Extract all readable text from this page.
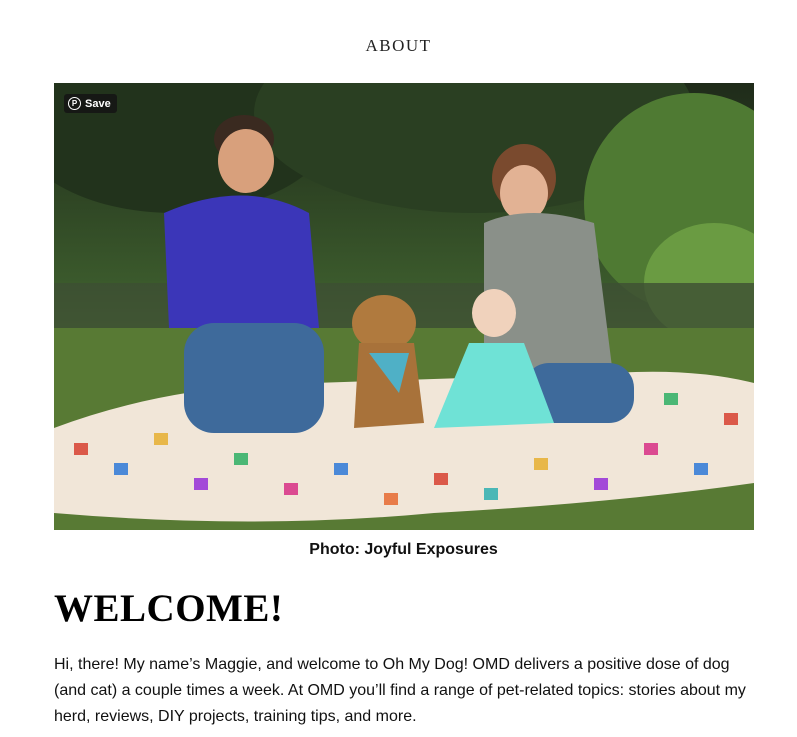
ABOUT
P Save
Photo: Joyful Exposures
WELCOME!

Hi, there! My name’s Maggie, and welcome to Oh My Dog! OMD delivers a positive dose of dog (and cat) a couple times a week. At OMD you’ll find a range of pet-related topics: stories about my herd, reviews, DIY projects, training tips, and more.
